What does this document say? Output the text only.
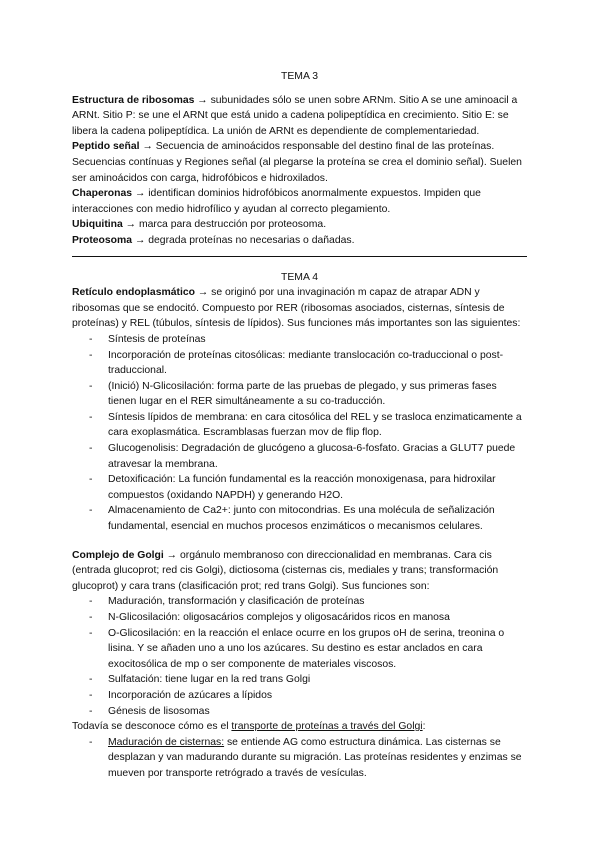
TEMA 3

Estructura de ribosomas → subunidades sólo se unen sobre ARNm. Sitio A se une aminoacil a ARNt. Sitio P: se une el ARNt que está unido a cadena polipeptídica en crecimiento. Sitio E: se libera la cadena polipeptídica. La unión de ARNt es dependiente de complementariedad.

Peptido señal → Secuencia de aminoácidos responsable del destino final de las proteínas. Secuencias contínuas y Regiones señal (al plegarse la proteína se crea el dominio señal). Suelen ser aminoácidos con carga, hidrofóbicos e hidroxilados.

Chaperonas → identifican dominios hidrofóbicos anormalmente expuestos. Impiden que interacciones con medio hidrofílico y ayudan al correcto plegamiento.

Ubiquitina → marca para destrucción por proteosoma.

Proteosoma → degrada proteínas no necesarias o dañadas.

TEMA 4

Retículo endoplasmático → se originó por una invaginación m capaz de atrapar ADN y ribosomas que se endocitó. Compuesto por RER (ribosomas asociados, cisternas, síntesis de proteínas) y REL (túbulos, síntesis de lípidos). Sus funciones más importantes son las siguientes:

- Síntesis de proteínas
- Incorporación de proteínas citosólicas: mediante translocación co-traduccional o post-traduccional.
- (Inició) N-Glicosilación: forma parte de las pruebas de plegado, y sus primeras fases tienen lugar en el RER simultáneamente a su co-traducción.
- Síntesis lípidos de membrana: en cara citosólica del REL y se trasloca enzimaticamente a cara exoplasmática. Escramblasas fuerzan mov de flip flop.
- Glucogenolisis: Degradación de glucógeno a glucosa-6-fosfato. Gracias a GLUT7 puede atravesar la membrana.
- Detoxificación: La función fundamental es la reacción monoxigenasa, para hidroxilar compuestos (oxidando NAPDH) y generando H2O.
- Almacenamiento de Ca2+: junto con mitocondrias. Es una molécula de señalización fundamental, esencial en muchos procesos enzimáticos o mecanismos celulares.

Complejo de Golgi → orgánulo membranoso con direccionalidad en membranas. Cara cis (entrada glucoprot; red cis Golgi), dictiosoma (cisternas cis, mediales y trans; transformación glucoprot) y cara trans (clasificación prot; red trans Golgi). Sus funciones son:

- Maduración, transformación y clasificación de proteínas
- N-Glicosilación: oligosacários complejos y oligosacáridos ricos en manosa
- O-Glicosilación: en la reacción el enlace ocurre en los grupos oH de serina, treonina o lisina. Y se añaden uno a uno los azúcares. Su destino es estar anclados en cara exocitosólica de mp o ser componente de materiales viscosos.
- Sulfatación: tiene lugar en la red trans Golgi
- Incorporación de azúcares a lípidos
- Génesis de lisosomas

Todavía se desconoce cómo es el transporte de proteínas a través del Golgi:

- Maduración de cisternas: se entiende AG como estructura dinámica. Las cisternas se desplazan y van madurando durante su migración. Las proteínas residentes y enzimas se mueven por transporte retrógrado a través de vesículas.
